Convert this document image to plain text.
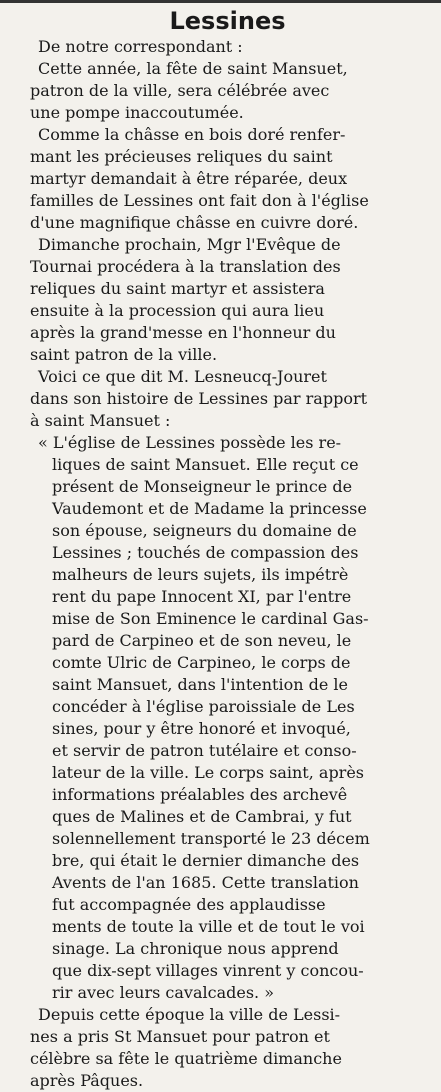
Lessines
De notre correspondant :
Cette année, la fête de saint Mansuet,
patron de la ville, sera célébrée avec
une pompe inaccoutumée.
Comme la châsse en bois doré renfer-
mant les précieuses reliques du saint
martyr demandait à être réparée, deux
familles de Lessines ont fait don à l'église
d'une magnifique châsse en cuivre doré.
Dimanche prochain, Mgr l'Evêque de
Tournai procédera à la translation des
reliques du saint martyr et assistera
ensuite à la procession qui aura lieu
après la grand'messe en l'honneur du
saint patron de la ville.
Voici ce que dit M. Lesneucq-Jouret
dans son histoire de Lessines par rapport
à saint Mansuet :
« L'église de Lessines possède les re-
liques de saint Mansuet. Elle reçut ce
présent de Monseigneur le prince de
Vaudemont et de Madame la princesse
son épouse, seigneurs du domaine de
Lessines ; touchés de compassion des
malheurs de leurs sujets, ils impétrè
rent du pape Innocent XI, par l'entre
mise de Son Eminence le cardinal Gas-
pard de Carpineo et de son neveu, le
comte Ulric de Carpineo, le corps de
saint Mansuet, dans l'intention de le
concéder à l'église paroissiale de Les
sines, pour y être honoré et invoqué,
et servir de patron tutélaire et conso-
lateur de la ville. Le corps saint, après
informations préalables des archevê
ques de Malines et de Cambrai, y fut
solennellement transporté le 23 décem
bre, qui était le dernier dimanche des
Avents de l'an 1685. Cette translation
fut accompagnée des applaudisse
ments de toute la ville et de tout le voi
sinage. La chronique nous apprend
que dix-sept villages vinrent y concou-
rir avec leurs cavalcades. »
Depuis cette époque la ville de Lessi-
nes a pris St Mansuet pour patron et
célèbre sa fête le quatrième dimanche
après Pâques.
